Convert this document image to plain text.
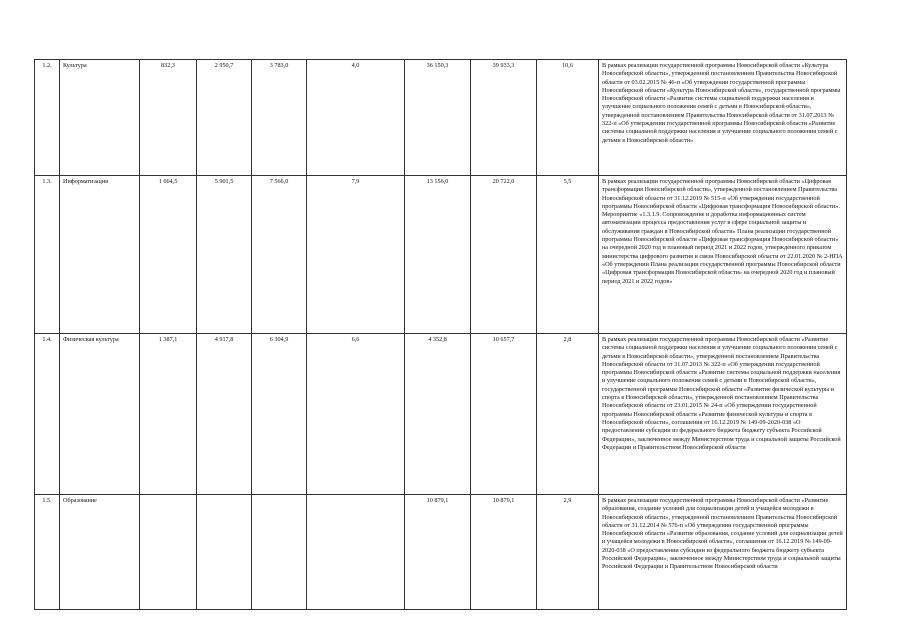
1.2.	Культура	832,3	2 950,7	3 783,0	4,0	36 150,3	39 933,3	10,6	В рамках реализации государственной программы Новосибирской области «Культура Новосибирской области», утвержденной постановлением Правительства Новосибирской области от 03.02.2015 № 46-п «Об утверждении государственной программы Новосибирской области «Культура Новосибирской области», государственной программы Новосибирской области «Развитие системы социальной поддержки населения и улучшение социального положения семей с детьми в Новосибирской области», утвержденной постановлением Правительства Новосибирской области от 31.07.2013 № 322-п «Об утверждении государственной программы Новосибирской области «Развитие системы социальной поддержки населения и улучшение социального положения семей с детьми в Новосибирской области»
1.3.	Информатизация	1 664,5	5 901,5	7 566,0	7,9	13 156,0	20 722,0	5,5	В рамках реализации государственной программы Новосибирской области «Цифровая трансформация Новосибирской области», утвержденной постановлением Правительства Новосибирской области от 31.12.2019 № 515-п «Об утверждении государственной программы Новосибирской области «Цифровая трансформация Новосибирской области». Мероприятие «1.3.1.9. Сопровождение и доработка информационных систем автоматизации процесса предоставления услуг в сфере социальной защиты и обслуживания граждан в Новосибирской области» Плана реализации государственной программы Новосибирской области «Цифровая трансформация Новосибирской области» на очередной 2020 год и плановый период 2021 и 2022 годов, утвержденного приказом министерства цифрового развития и связи Новосибирской области от 22.01.2020 № 2-НПА «Об утверждении Плана реализации государственной программы Новосибирской области «Цифровая трансформация Новосибирской области» на очередной 2020 год и плановый период 2021 и 2022 годов»
1.4.	Физическая культура	1 387,1	4 917,8	6 304,9	6,6	4 352,8	10 657,7	2,8	В рамках реализации государственной программы Новосибирской области «Развитие системы социальной поддержки населения и улучшение социального положения семей с детьми в Новосибирской области», утвержденной постановлением Правительства Новосибирской области от 31.07.2013 № 322-п «Об утверждении государственной программы Новосибирской области «Развитие системы социальной поддержки населения и улучшение социального положения семей с детьми в Новосибирской области», государственной программы Новосибирской области «Развитие физической культуры и спорта в Новосибирской области», утвержденной постановлением Правительства Новосибирской области от 23.01.2015 № 24-п «Об утверждении государственной программы Новосибирской области «Развитие физической культуры и спорта в Новосибирской области», соглашения от 16.12.2019 № 149-09-2020-038 «О предоставлении субсидии из федерального бюджета бюджету субъекта Российской Федерации», заключенное между Министерством труда и социальной защиты Российской Федерации и Правительством Новосибирской области
1.5.	Образование					10 879,1	10 879,1	2,9	В рамках реализации государственной программы Новосибирской области «Развитие образования, создание условий для социализации детей и учащейся молодежи в Новосибирской области», утвержденной постановлением Правительства Новосибирской области от 31.12.2014 № 576-п «Об утверждении государственной программы Новосибирской области «Развитие образования, создание условий для социализации детей и учащейся молодежи в Новосибирской области», соглашения от 16.12.2019 № 149-09-2020-038 «О предоставлении субсидии из федерального бюджета бюджету субъекта Российской Федерации», заключенное между Министерством труда и социальной защиты Российской Федерации и Правительством Новосибирской области
